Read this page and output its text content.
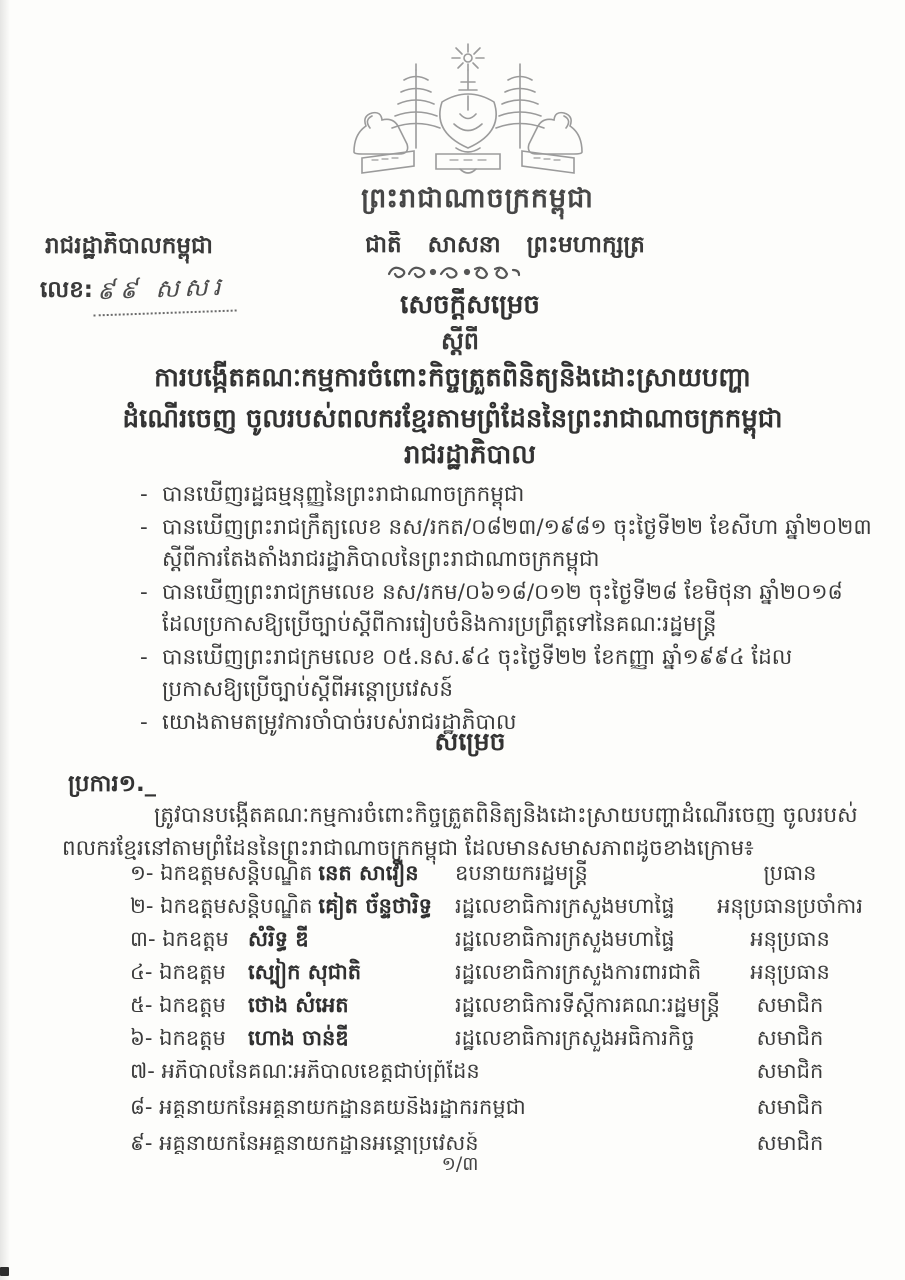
ព្រះរាជាណាចក្រកម្ពុជា
រាជរដ្ឋាភិបាលកម្ពុជា
លេខ: ៩៩ សសរ
ជាតិ សាសនា ព្រះមហាក្សត្រ
សេចក្តីសម្រេច
ស្តីពី
ការបង្កើតគណៈកម្មការចំពោះកិច្ចត្រួតពិនិត្យនិងដោះស្រាយបញ្ហា
ដំណើរចេញ ចូលរបស់ពលករខ្មែរតាមព្រំដែននៃព្រះរាជាណាចក្រកម្ពុជា
រាជរដ្ឋាភិបាល
- បានឃើញរដ្ឋធម្មនុញ្ញនៃព្រះរាជាណាចក្រកម្ពុជា
- បានឃើញព្រះរាជក្រឹត្យលេខ នស/រកត/០៨២៣/១៩៨១ ចុះថ្ងៃទី២២ ខែសីហា ឆ្នាំ២០២៣ ស្តីពីការតែងតាំងរាជរដ្ឋាភិបាលនៃព្រះរាជាណាចក្រកម្ពុជា
- បានឃើញព្រះរាជក្រមលេខ នស/រកម/០៦១៨/០១២ ចុះថ្ងៃទី២៨ ខែមិថុនា ឆ្នាំ២០១៨ ដែលប្រកាសឱ្យប្រើច្បាប់ស្តីពីការរៀបចំនិងការប្រព្រឹត្តទៅនៃគណៈរដ្ឋមន្ត្រី
- បានឃើញព្រះរាជក្រមលេខ ០៥.នស.៩៤ ចុះថ្ងៃទី២២ ខែកញ្ញា ឆ្នាំ១៩៩៤ ដែលប្រកាសឱ្យប្រើច្បាប់ស្តីពីអន្តោប្រវេសន៍
- យោងតាមតម្រូវការចាំបាច់របស់រាជរដ្ឋាភិបាល
សម្រេច
ប្រការ១._

ត្រូវបានបង្កើតគណៈកម្មការចំពោះកិច្ចត្រួតពិនិត្យនិងដោះស្រាយបញ្ហាដំណើរចេញ ចូលរបស់ពលករខ្មែរនៅតាមព្រំដែននៃព្រះរាជាណាចក្រកម្ពុជា ដែលមានសមាសភាពដូចខាងក្រោម៖

១- ឯកឧត្តមសន្តិបណ្ឌិត នេត សាវឿន ឧបនាយករដ្ឋមន្ត្រី	ប្រធាន
២- ឯកឧត្តមសន្តិបណ្ឌិត គៀត ច័ន្ទថារិទ្ធ រដ្ឋលេខាធិការក្រសួងមហាផ្ទៃ	អនុប្រធានប្រចាំការ
៣- ឯកឧត្តម សំរិទ្ធ ឌី	រដ្ឋលេខាធិការក្រសួងមហាផ្ទៃ	អនុប្រធាន
៤- ឯកឧត្តម	ស្បៀក សុជាតិ	រដ្ឋលេខាធិការក្រសួងការពារជាតិ	អនុប្រធាន
៥- ឯកឧត្តម	ថោង សំអេត	រដ្ឋលេខាធិការទីស្តីការគណៈរដ្ឋមន្ត្រី	សមាជិក
៦- ឯកឧត្តម	ហោង ចាន់ឌី	រដ្ឋលេខាធិការក្រសួងអធិការកិច្ច	សមាជិក
៧- អភិបាលនៃគណៈអភិបាលខេត្តជាប់ព្រំដែន	សមាជិក
៨- អគ្គនាយកនៃអគ្គនាយកដ្ឋានគយនិងរដ្ឋាករកម្ពុជា	សមាជិក
៩- អគ្គនាយកនៃអគ្គនាយកដ្ឋានអន្តោប្រវេសន៍	សមាជិក
១/៣
